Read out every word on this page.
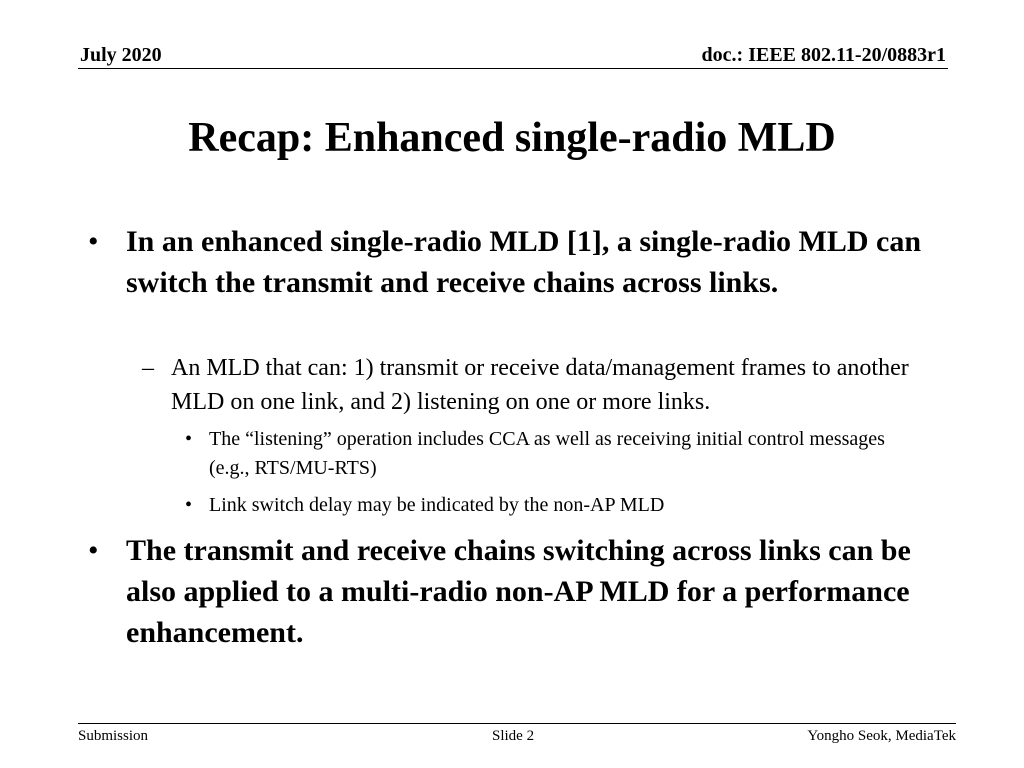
July 2020	doc.: IEEE 802.11-20/0883r1
Recap: Enhanced single-radio MLD
• In an enhanced single-radio MLD [1], a single-radio MLD can switch the transmit and receive chains across links.
– An MLD that can: 1) transmit or receive data/management frames to another MLD on one link, and 2) listening on one or more links.
• The “listening” operation includes CCA as well as receiving initial control messages (e.g., RTS/MU-RTS)
• Link switch delay may be indicated by the non-AP MLD
• The transmit and receive chains switching across links can be also applied to a multi-radio non-AP MLD for a performance enhancement.
Submission	Slide 2	Yongho Seok, MediaTek
